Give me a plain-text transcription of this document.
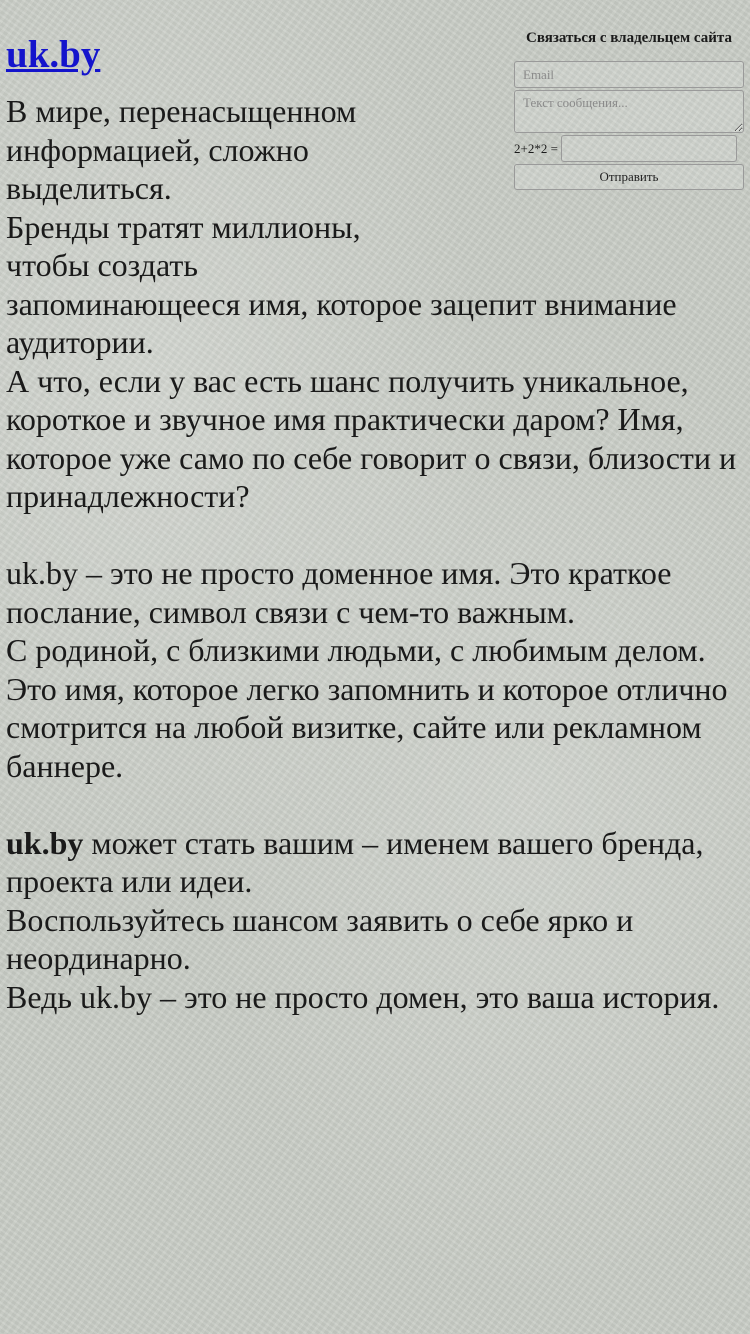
uk.by	Связаться с владельцем сайта
Email
Текст сообщения...
2+2*2 =
Отправить

В мире, перенасыщенном информацией, сложно выделиться.

Бренды тратят миллионы, чтобы создать запоминающееся имя, которое зацепит внимание аудитории.

А что, если у вас есть шанс получить уникальное, короткое и звучное имя практически даром? Имя, которое уже само по себе говорит о связи, близости и принадлежности?

uk.by – это не просто доменное имя. Это краткое послание, символ связи с чем-то важным.

С родиной, с близкими людьми, с любимым делом.

Это имя, которое легко запомнить и которое отлично смотрится на любой визитке, сайте или рекламном баннере.

uk.by может стать вашим – именем вашего бренда, проекта или идеи.

Воспользуйтесь шансом заявить о себе ярко и неординарно.

Ведь uk.by – это не просто домен, это ваша история.
